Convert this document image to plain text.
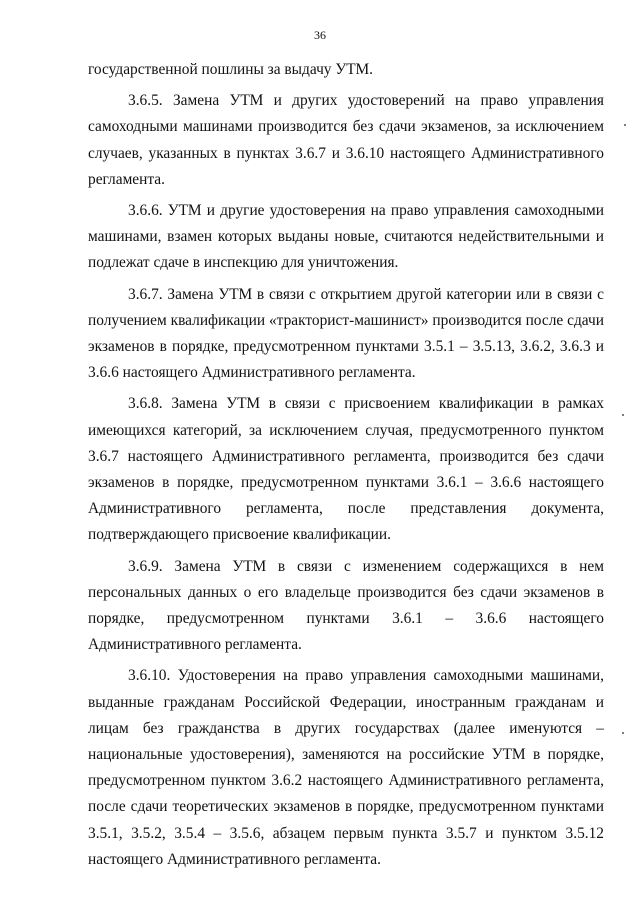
36

государственной пошлины за выдачу УТМ.

3.6.5. Замена УТМ и других удостоверений на право управления самоходными машинами производится без сдачи экзаменов, за исключением случаев, указанных в пунктах 3.6.7 и 3.6.10 настоящего Административного регламента.

3.6.6. УТМ и другие удостоверения на право управления самоходными машинами, взамен которых выданы новые, считаются недействительными и подлежат сдаче в инспекцию для уничтожения.

3.6.7. Замена УТМ в связи с открытием другой категории или в связи с получением квалификации «тракторист-машинист» производится после сдачи экзаменов в порядке, предусмотренном пунктами 3.5.1 – 3.5.13, 3.6.2, 3.6.3 и 3.6.6 настоящего Административного регламента.

3.6.8. Замена УТМ в связи с присвоением квалификации в рамках имеющихся категорий, за исключением случая, предусмотренного пунктом 3.6.7 настоящего Административного регламента, производится без сдачи экзаменов в порядке, предусмотренном пунктами 3.6.1 – 3.6.6 настоящего Административного регламента, после представления документа, подтверждающего присвоение квалификации.

3.6.9. Замена УТМ в связи с изменением содержащихся в нем персональных данных о его владельце производится без сдачи экзаменов в порядке, предусмотренном пунктами 3.6.1 – 3.6.6 настоящего Административного регламента.

3.6.10. Удостоверения на право управления самоходными машинами, выданные гражданам Российской Федерации, иностранным гражданам и лицам без гражданства в других государствах (далее именуются – национальные удостоверения), заменяются на российские УТМ в порядке, предусмотренном пунктом 3.6.2 настоящего Административного регламента, после сдачи теоретических экзаменов в порядке, предусмотренном пунктами 3.5.1, 3.5.2, 3.5.4 – 3.5.6, абзацем первым пункта 3.5.7 и пунктом 3.5.12 настоящего Административного регламента.
